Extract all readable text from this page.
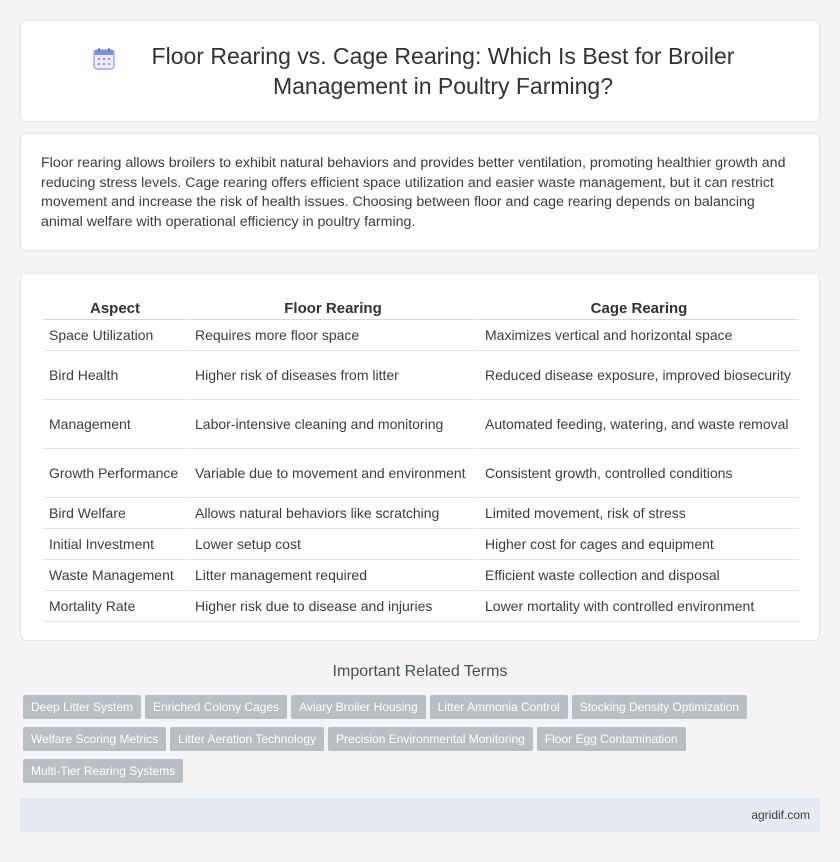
Floor Rearing vs. Cage Rearing: Which Is Best for Broiler Management in Poultry Farming?

Floor rearing allows broilers to exhibit natural behaviors and provides better ventilation, promoting healthier growth and reducing stress levels. Cage rearing offers efficient space utilization and easier waste management, but it can restrict movement and increase the risk of health issues. Choosing between floor and cage rearing depends on balancing animal welfare with operational efficiency in poultry farming.

Aspect	Floor Rearing	Cage Rearing
Space Utilization	Requires more floor space	Maximizes vertical and horizontal space
Bird Health	Higher risk of diseases from litter	Reduced disease exposure, improved biosecurity
Management	Labor-intensive cleaning and monitoring	Automated feeding, watering, and waste removal
Growth Performance	Variable due to movement and environment	Consistent growth, controlled conditions
Bird Welfare	Allows natural behaviors like scratching	Limited movement, risk of stress
Initial Investment	Lower setup cost	Higher cost for cages and equipment
Waste Management	Litter management required	Efficient waste collection and disposal
Mortality Rate	Higher risk due to disease and injuries	Lower mortality with controlled environment
Important Related Terms
Deep Litter System Enriched Colony Cages Aviary Broiler Housing Litter Ammonia Control Stocking Density Optimization
Welfare Scoring Metrics Litter Aeration Technology Precision Environmental Monitoring Floor Egg Contamination
Multi-Tier Rearing Systems
agridif.com
